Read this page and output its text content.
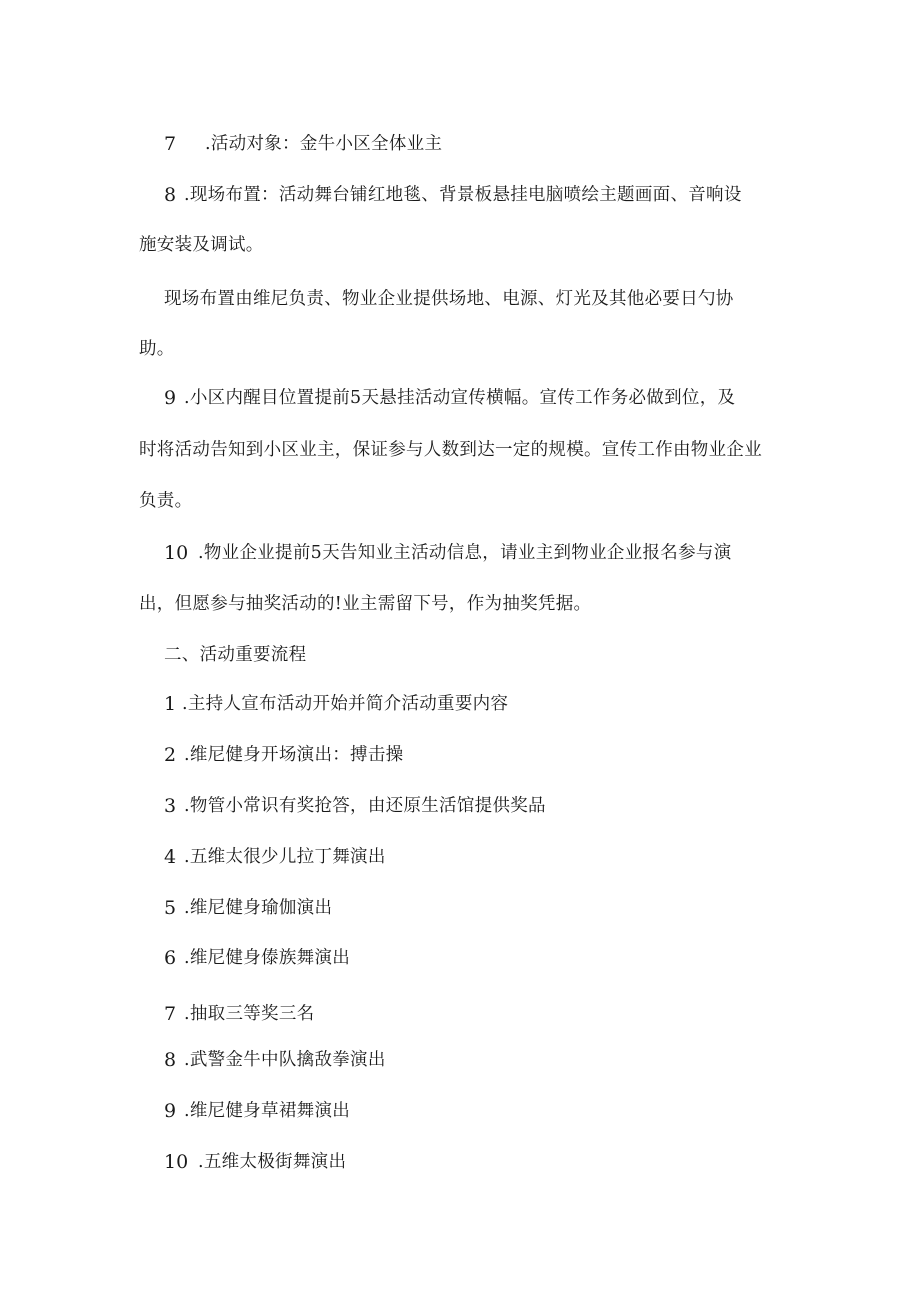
7 .活动对象：金牛小区全体业主
8 .现场布置：活动舞台铺红地毯、背景板悬挂电脑喷绘主题画面、音响设
施安装及调试。
现场布置由维尼负责、物业企业提供场地、电源、灯光及其他必要日勺协
助。
9 .小区内醒目位置提前5天悬挂活动宣传横幅。宣传工作务必做到位，及
时将活动告知到小区业主，保证参与人数到达一定的规模。宣传工作由物业企业
负责。
10 .物业企业提前5天告知业主活动信息，请业主到物业企业报名参与演
出，但愿参与抽奖活动的!业主需留下号，作为抽奖凭据。
二、活动重要流程
1 .主持人宣布活动开始并简介活动重要内容
2 .维尼健身开场演出：搏击操
3 .物管小常识有奖抢答，由还原生活馆提供奖品
4 .五维太很少儿拉丁舞演出
5 .维尼健身瑜伽演出
6 .维尼健身傣族舞演出
7 .抽取三等奖三名
8 .武警金牛中队擒敌拳演出
9 .维尼健身草裙舞演出
10 .五维太极街舞演出
